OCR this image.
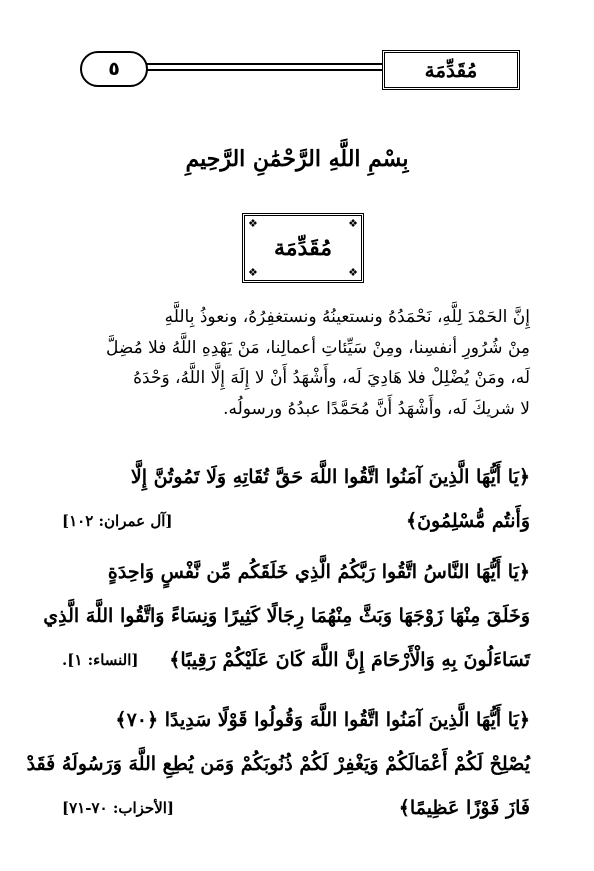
٥	مُقَدِّمَة
بِسْمِ اللَّهِ الرَّحْمَٰنِ الرَّحِيمِ
❖	❖
❖	❖
مُقَدِّمَة
إِنَّ الحَمْدَ لِلَّهِ، نَحْمَدُهُ ونستعينُهُ ونستغفِرُهُ، ونعوذُ بِاللَّهِ
مِنْ شُرُورِ أنفسِنا، ومِنْ سَيِّئاتِ أعمالِنا، مَنْ يَهْدِهِ اللَّهُ فلا مُضِلَّ
لَه، ومَنْ يُضْلِلْ فلا هَادِيَ لَه، وأَشْهَدُ أَنْ لا إِلَهَ إِلَّا اللَّهُ، وَحْدَهُ
لا شريكَ لَه، وأَشْهَدُ أَنَّ مُحَمَّدًا عبدُهُ ورسولُه.
﴿يَا أَيُّهَا الَّذِينَ آمَنُوا اتَّقُوا اللَّهَ حَقَّ تُقَاتِهِ وَلَا تَمُوتُنَّ إِلَّا
وَأَنتُم مُّسْلِمُونَ﴾
[آل عمران: ١٠٢]
﴿يَا أَيُّهَا النَّاسُ اتَّقُوا رَبَّكُمُ الَّذِي خَلَقَكُم مِّن نَّفْسٍ وَاحِدَةٍ
وَخَلَقَ مِنْهَا زَوْجَهَا وَبَثَّ مِنْهُمَا رِجَالًا كَثِيرًا وَنِسَاءً وَاتَّقُوا اللَّهَ الَّذِي
تَسَاءَلُونَ بِهِ وَالْأَرْحَامَ إِنَّ اللَّهَ كَانَ عَلَيْكُمْ رَقِيبًا﴾
[النساء: ١].
﴿يَا أَيُّهَا الَّذِينَ آمَنُوا اتَّقُوا اللَّهَ وَقُولُوا قَوْلًا سَدِيدًا ﴿٧٠﴾
يُصْلِحْ لَكُمْ أَعْمَالَكُمْ وَيَغْفِرْ لَكُمْ ذُنُوبَكُمْ وَمَن يُطِعِ اللَّهَ وَرَسُولَهُ فَقَدْ
فَازَ فَوْزًا عَظِيمًا﴾
[الأحزاب: ٧٠-٧١]
